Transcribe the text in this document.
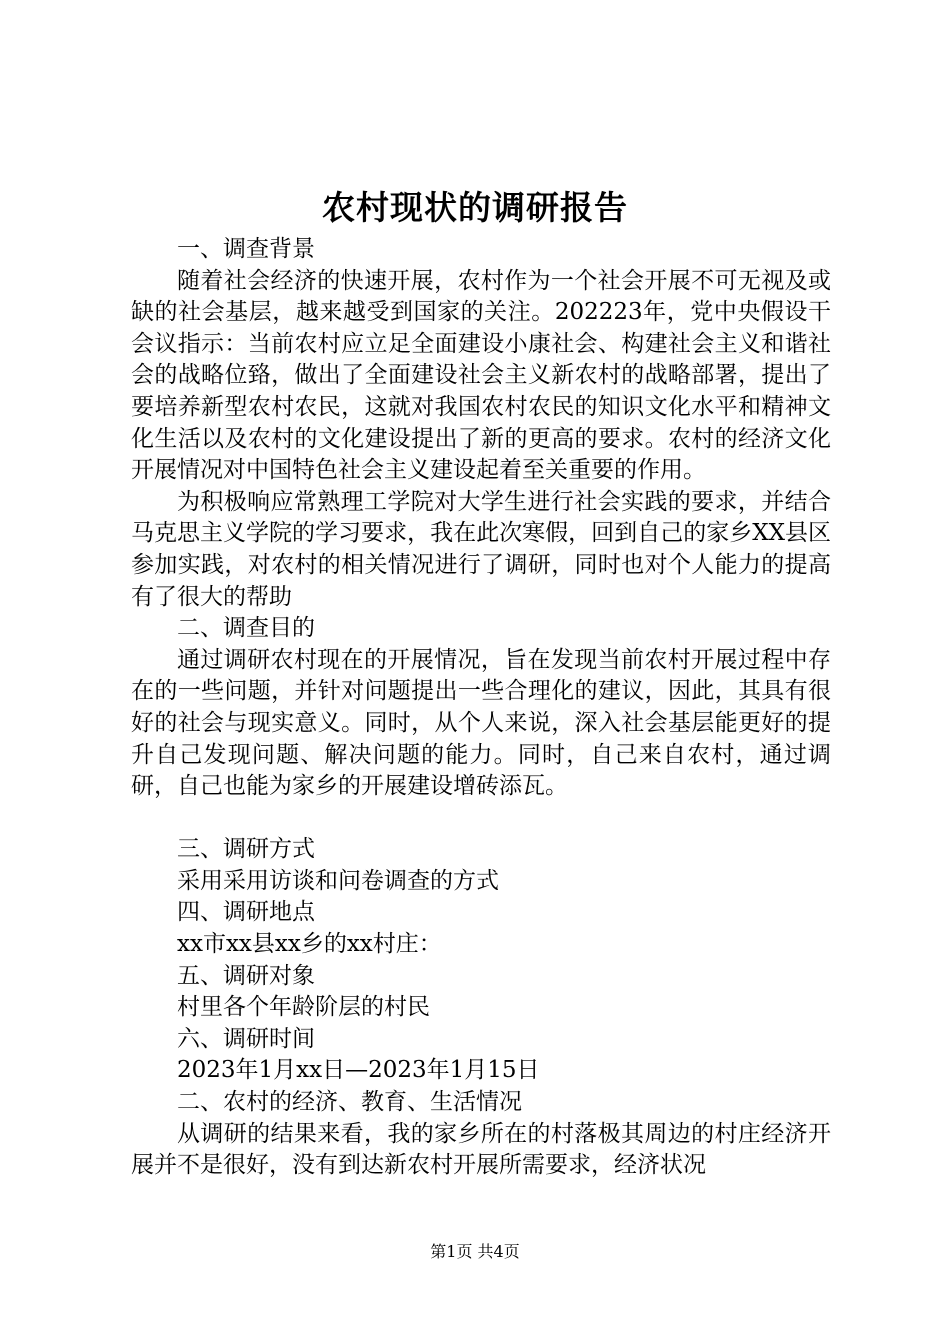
农村现状的调研报告

一、调查背景

随着社会经济的快速开展，农村作为一个社会开展不可无视及或缺的社会基层，越来越受到国家的关注。202223年，党中央假设干会议指示：当前农村应立足全面建设小康社会、构建社会主义和谐社会的战略位臵，做出了全面建设社会主义新农村的战略部署，提出了要培养新型农村农民，这就对我国农村农民的知识文化水平和精神文化生活以及农村的文化建设提出了新的更高的要求。农村的经济文化开展情况对中国特色社会主义建设起着至关重要的作用。

为积极响应常熟理工学院对大学生进行社会实践的要求，并结合马克思主义学院的学习要求，我在此次寒假，回到自己的家乡XX县区参加实践，对农村的相关情况进行了调研，同时也对个人能力的提高有了很大的帮助

二、调查目的

通过调研农村现在的开展情况，旨在发现当前农村开展过程中存在的一些问题，并针对问题提出一些合理化的建议，因此，其具有很好的社会与现实意义。同时，从个人来说，深入社会基层能更好的提升自己发现问题、解决问题的能力。同时，自己来自农村，通过调研，自己也能为家乡的开展建设增砖添瓦。

三、调研方式

采用采用访谈和问卷调查的方式

四、调研地点

xx市xx县xx乡的xx村庄：

五、调研对象

村里各个年龄阶层的村民

六、调研时间

2023年1月xx日—2023年1月15日

二、农村的经济、教育、生活情况

从调研的结果来看，我的家乡所在的村落极其周边的村庄经济开展并不是很好，没有到达新农村开展所需要求，经济状况

第1页 共4页
